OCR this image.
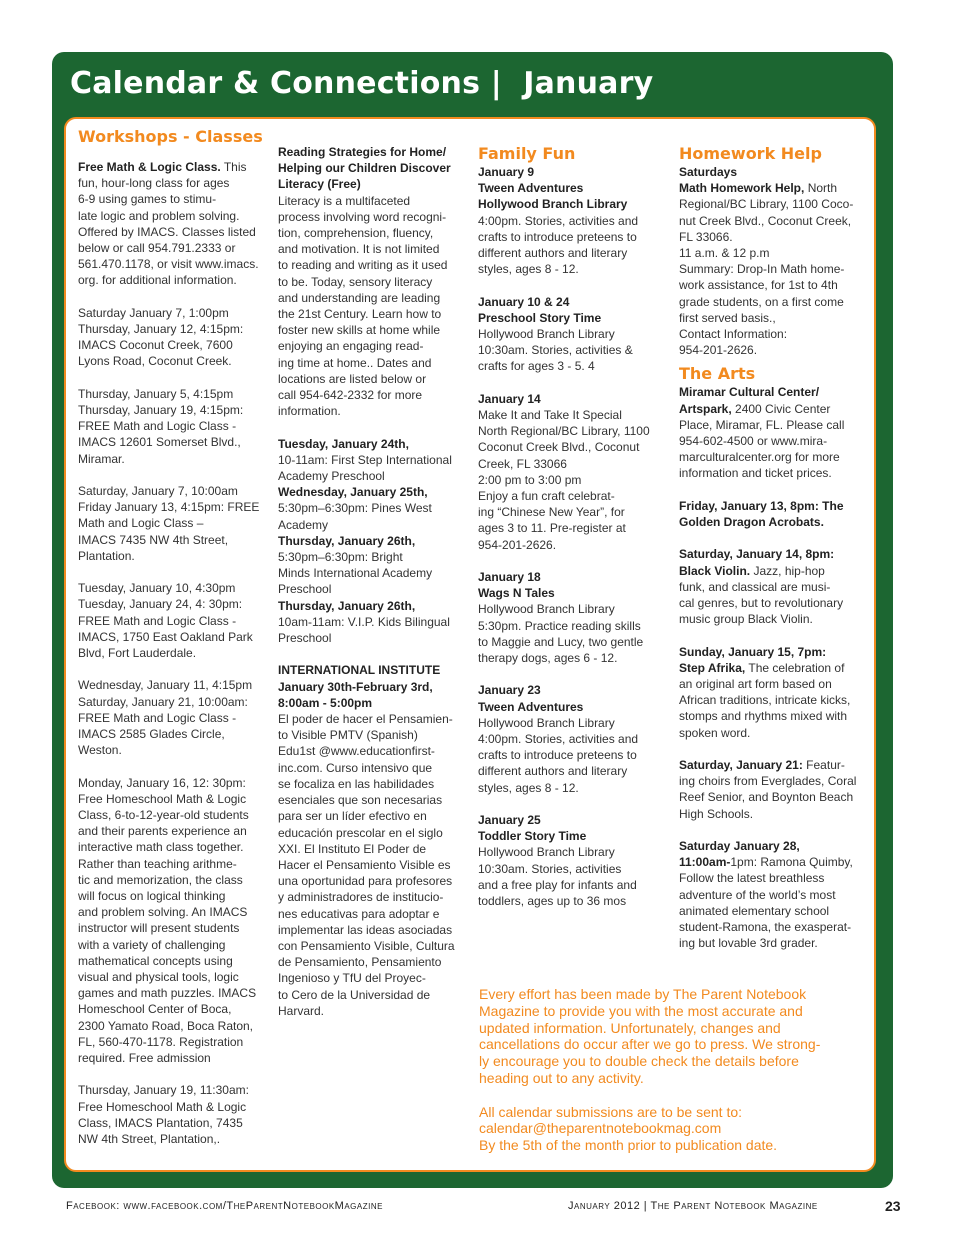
Calendar & Connections |  January
Workshops - Classes

Free Math & Logic Class. This
fun, hour-long class for ages
6-9 using games to stimu-
late logic and problem solving.
Offered by IMACS. Classes listed
below or call 954.791.2333 or
561.470.1178, or visit www.imacs.
org. for additional information.

Saturday January 7, 1:00pm
Thursday, January 12, 4:15pm:
IMACS Coconut Creek, 7600
Lyons Road, Coconut Creek.

Thursday, January 5, 4:15pm
Thursday, January 19, 4:15pm:
FREE Math and Logic Class -
IMACS 12601 Somerset Blvd.,
Miramar.

Saturday, January 7, 10:00am
Friday January 13, 4:15pm: FREE
Math and Logic Class –
IMACS 7435 NW 4th Street,
Plantation.

Tuesday, January 10, 4:30pm
Tuesday, January 24, 4: 30pm:
FREE Math and Logic Class -
IMACS, 1750 East Oakland Park
Blvd, Fort Lauderdale.

Wednesday, January 11, 4:15pm
Saturday, January 21, 10:00am:
FREE Math and Logic Class -
IMACS 2585 Glades Circle,
Weston.

Monday, January 16, 12: 30pm:
Free Homeschool Math & Logic
Class, 6-to-12-year-old students
and their parents experience an
interactive math class together.
Rather than teaching arithme-
tic and memorization, the class
will focus on logical thinking
and problem solving. An IMACS
instructor will present students
with a variety of challenging
mathematical concepts using
visual and physical tools, logic
games and math puzzles. IMACS
Homeschool Center of Boca,
2300 Yamato Road, Boca Raton,
FL, 560-470-1178. Registration
required. Free admission

Thursday, January 19, 11:30am:
Free Homeschool Math & Logic
Class, IMACS Plantation, 7435
NW 4th Street, Plantation,.

Reading Strategies for Home/
Helping our Children Discover
Literacy (Free)
Literacy is a multifaceted
process involving word recogni-
tion, comprehension, fluency,
and motivation. It is not limited
to reading and writing as it used
to be. Today, sensory literacy
and understanding are leading
the 21st Century. Learn how to
foster new skills at home while
enjoying an engaging read-
ing time at home.. Dates and
locations are listed below or
call 954-642-2332 for more
information.

Tuesday, January 24th,
10-11am: First Step International
Academy Preschool
Wednesday, January 25th,
5:30pm–6:30pm: Pines West
Academy
Thursday, January 26th,
5:30pm–6:30pm: Bright
Minds International Academy
Preschool
Thursday, January 26th,
10am-11am: V.I.P. Kids Bilingual
Preschool

INTERNATIONAL INSTITUTE
January 30th-February 3rd,
8:00am - 5:00pm
El poder de hacer el Pensamien-
to Visible PMTV (Spanish)
Edu1st @www.educationfirst-
inc.com. Curso intensivo que
se focaliza en las habilidades
esenciales que son necesarias
para ser un líder efectivo en
educación prescolar en el siglo
XXI. El Instituto El Poder de
Hacer el Pensamiento Visible es
una oportunidad para profesores
y administradores de institucio-
nes educativas para adoptar e
implementar las ideas asociadas
con Pensamiento Visible, Cultura
de Pensamiento, Pensamiento
Ingenioso y TfU del Proyec-
to Cero de la Universidad de
Harvard.

Family Fun

January 9
Tween Adventures
Hollywood Branch Library
4:00pm. Stories, activities and
crafts to introduce preteens to
different authors and literary
styles, ages 8 - 12.

January 10 & 24
Preschool Story Time
Hollywood Branch Library
10:30am. Stories, activities &
crafts for ages 3 - 5. 4

January 14
Make It and Take It Special
North Regional/BC Library, 1100
Coconut Creek Blvd., Coconut
Creek, FL 33066
2:00 pm to 3:00 pm
Enjoy a fun craft celebrat-
ing “Chinese New Year”, for
ages 3 to 11. Pre-register at
954-201-2626.

January 18
Wags N Tales
Hollywood Branch Library
5:30pm. Practice reading skills
to Maggie and Lucy, two gentle
therapy dogs, ages 6 - 12.

January 23
Tween Adventures
Hollywood Branch Library
4:00pm. Stories, activities and
crafts to introduce preteens to
different authors and literary
styles, ages 8 - 12.

January 25
Toddler Story Time
Hollywood Branch Library
10:30am. Stories, activities
and a free play for infants and
toddlers, ages up to 36 mos

Homework Help

Saturdays
Math Homework Help, North
Regional/BC Library, 1100 Coco-
nut Creek Blvd., Coconut Creek,
FL 33066.
11 a.m. & 12 p.m
Summary: Drop-In Math home-
work assistance, for 1st to 4th
grade students, on a first come
first served basis.,
Contact Information:
954-201-2626.

The Arts

Miramar Cultural Center/
Artspark, 2400 Civic Center
Place, Miramar, FL. Please call
954-602-4500 or www.mira-
marculturalcenter.org for more
information and ticket prices.

Friday, January 13, 8pm: The
Golden Dragon Acrobats.

Saturday, January 14, 8pm:
Black Violin. Jazz, hip-hop
funk, and classical are musi-
cal genres, but to revolutionary
music group Black Violin.

Sunday, January 15, 7pm:
Step Afrika, The celebration of
an original art form based on
African traditions, intricate kicks,
stomps and rhythms mixed with
spoken word.

Saturday, January 21: Featur-
ing choirs from Everglades, Coral
Reef Senior, and Boynton Beach
High Schools.

Saturday January 28,
11:00am-1pm: Ramona Quimby,
Follow the latest breathless
adventure of the world’s most
animated elementary school
student-Ramona, the exasperat-
ing but lovable 3rd grader.

Every effort has been made by The Parent Notebook
Magazine to provide you with the most accurate and
updated information. Unfortunately, changes and
cancellations do occur after we go to press. We strong-
ly encourage you to double check the details before
heading out to any activity.

All calendar submissions are to be sent to:
calendar@theparentnotebookmag.com
By the 5th of the month prior to publication date.

Facebook: www.facebook.com/TheParentNotebookMagazine	January 2012 | The Parent Notebook Magazine	23
